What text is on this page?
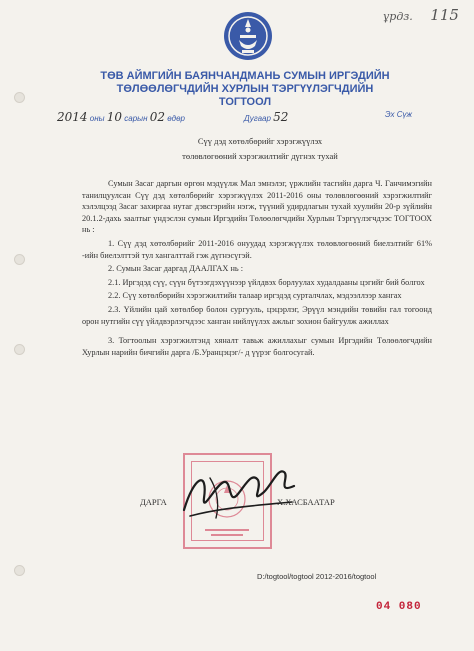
ұрдз. 115
ТӨВ АЙМГИЙН БАЯНЧАНДМАНЬ СУМЫН ИРГЭДИЙН
ТӨЛӨӨЛӨГЧДИЙН ХУРЛЫН ТЭРГҮҮЛЭГЧДИЙН
ТОГТООЛ
2014 оны 10 сарын 02 өдөр	Дугаар 52	Эх Сүж
Сүү дэд хөтөлбөрийг хэрэгжүүлэх
төлөвлөгөөний хэрэгжилтийг дүгнэх тухай

Сумын Засаг даргын өргөн мэдүүлж Мал эмнэлэг, үржлийн тасгийн дарга Ч. Ганчимэгийн танилцуулсан Сүү дэд хөтөлбөрийг хэрэгжүүлэх 2011-2016 оны төлөвлөгөөний хэрэгжилтийг хэлэлцээд Засаг захиргаа нутаг дэвсгэрийн нэгж, түүний удирдлагын тухай хуулийн 20-р зүйлийн 20.1.2-дахь заалтыг үндэслэн сумын Иргэдийн Төлөөлөгчдийн Хурлын Тэргүүлэгчдээс ТОГТООХ нь :

1. Сүү дэд хөтөлбөрийг 2011-2016 онуудад хэрэгжүүлэх төлөвлөгөөний биелэлтийг 61% -ийн биелэлттэй тул хангалттай гэж дүгнэсүгэй.

2. Сумын Засаг даргад ДААЛГАХ нь :

2.1. Иргэдэд сүү, сүүн бүтээгдэхүүнээр үйлдвэх борлуулах худалдааны цэгийг бий болгох

2.2. Сүү хөтөлбөрийн хэрэгжилтийн талаар иргэдэд сурталчлах, мэдээллээр хангах

2.3. Үйлийн цай хөтөлбөр болон сургууль, цэцэрлэг, Эрүүл мэндийн төвийн гал тогоонд орон нутгийн сүү үйлдвэрлэгчдээс ханган нийлүүлэх ажлыг зохион байгуулж ажиллах

3. Тогтоолын хэрэгжилтэнд хяналт тавьж ажиллахыг сумын Иргэдийн Төлөөлөгчдийн Хурлын нарийн бичгийн дарга /Б.Уранцэцэг/- д үүрэг болгосугай.

ДАРГА	Х.ХАСБААТАР
D:/togtool/togtool 2012-2016/togtool
04 080
